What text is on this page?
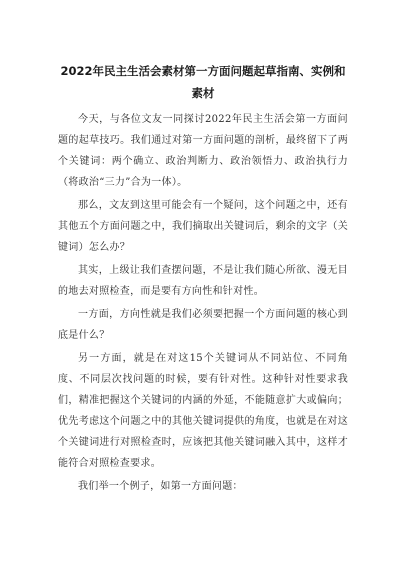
2022年民主生活会素材第一方面问题起草指南、实例和素材

今天，与各位文友一同探讨2022年民主生活会第一方面问题的起草技巧。我们通过对第一方面问题的剖析，最终留下了两个关键词：两个确立、政治判断力、政治领悟力、政治执行力（将政治“三力”合为一体）。

那么，文友到这里可能会有一个疑问，这个问题之中，还有其他五个方面问题之中，我们摘取出关键词后，剩余的文字（关键词）怎么办？

其实，上级让我们查摆问题，不是让我们随心所欲、漫无目的地去对照检查，而是要有方向性和针对性。

一方面，方向性就是我们必须要把握一个方面问题的核心到底是什么？

另一方面，就是在对这15个关键词从不同站位、不同角度、不同层次找问题的时候，要有针对性。这种针对性要求我们，精准把握这个关键词的内涵的外延，不能随意扩大或偏向；优先考虑这个问题之中的其他关键词提供的角度，也就是在对这个关键词进行对照检查时，应该把其他关键词融入其中，这样才能符合对照检查要求。

我们举一个例子，如第一方面问题：
